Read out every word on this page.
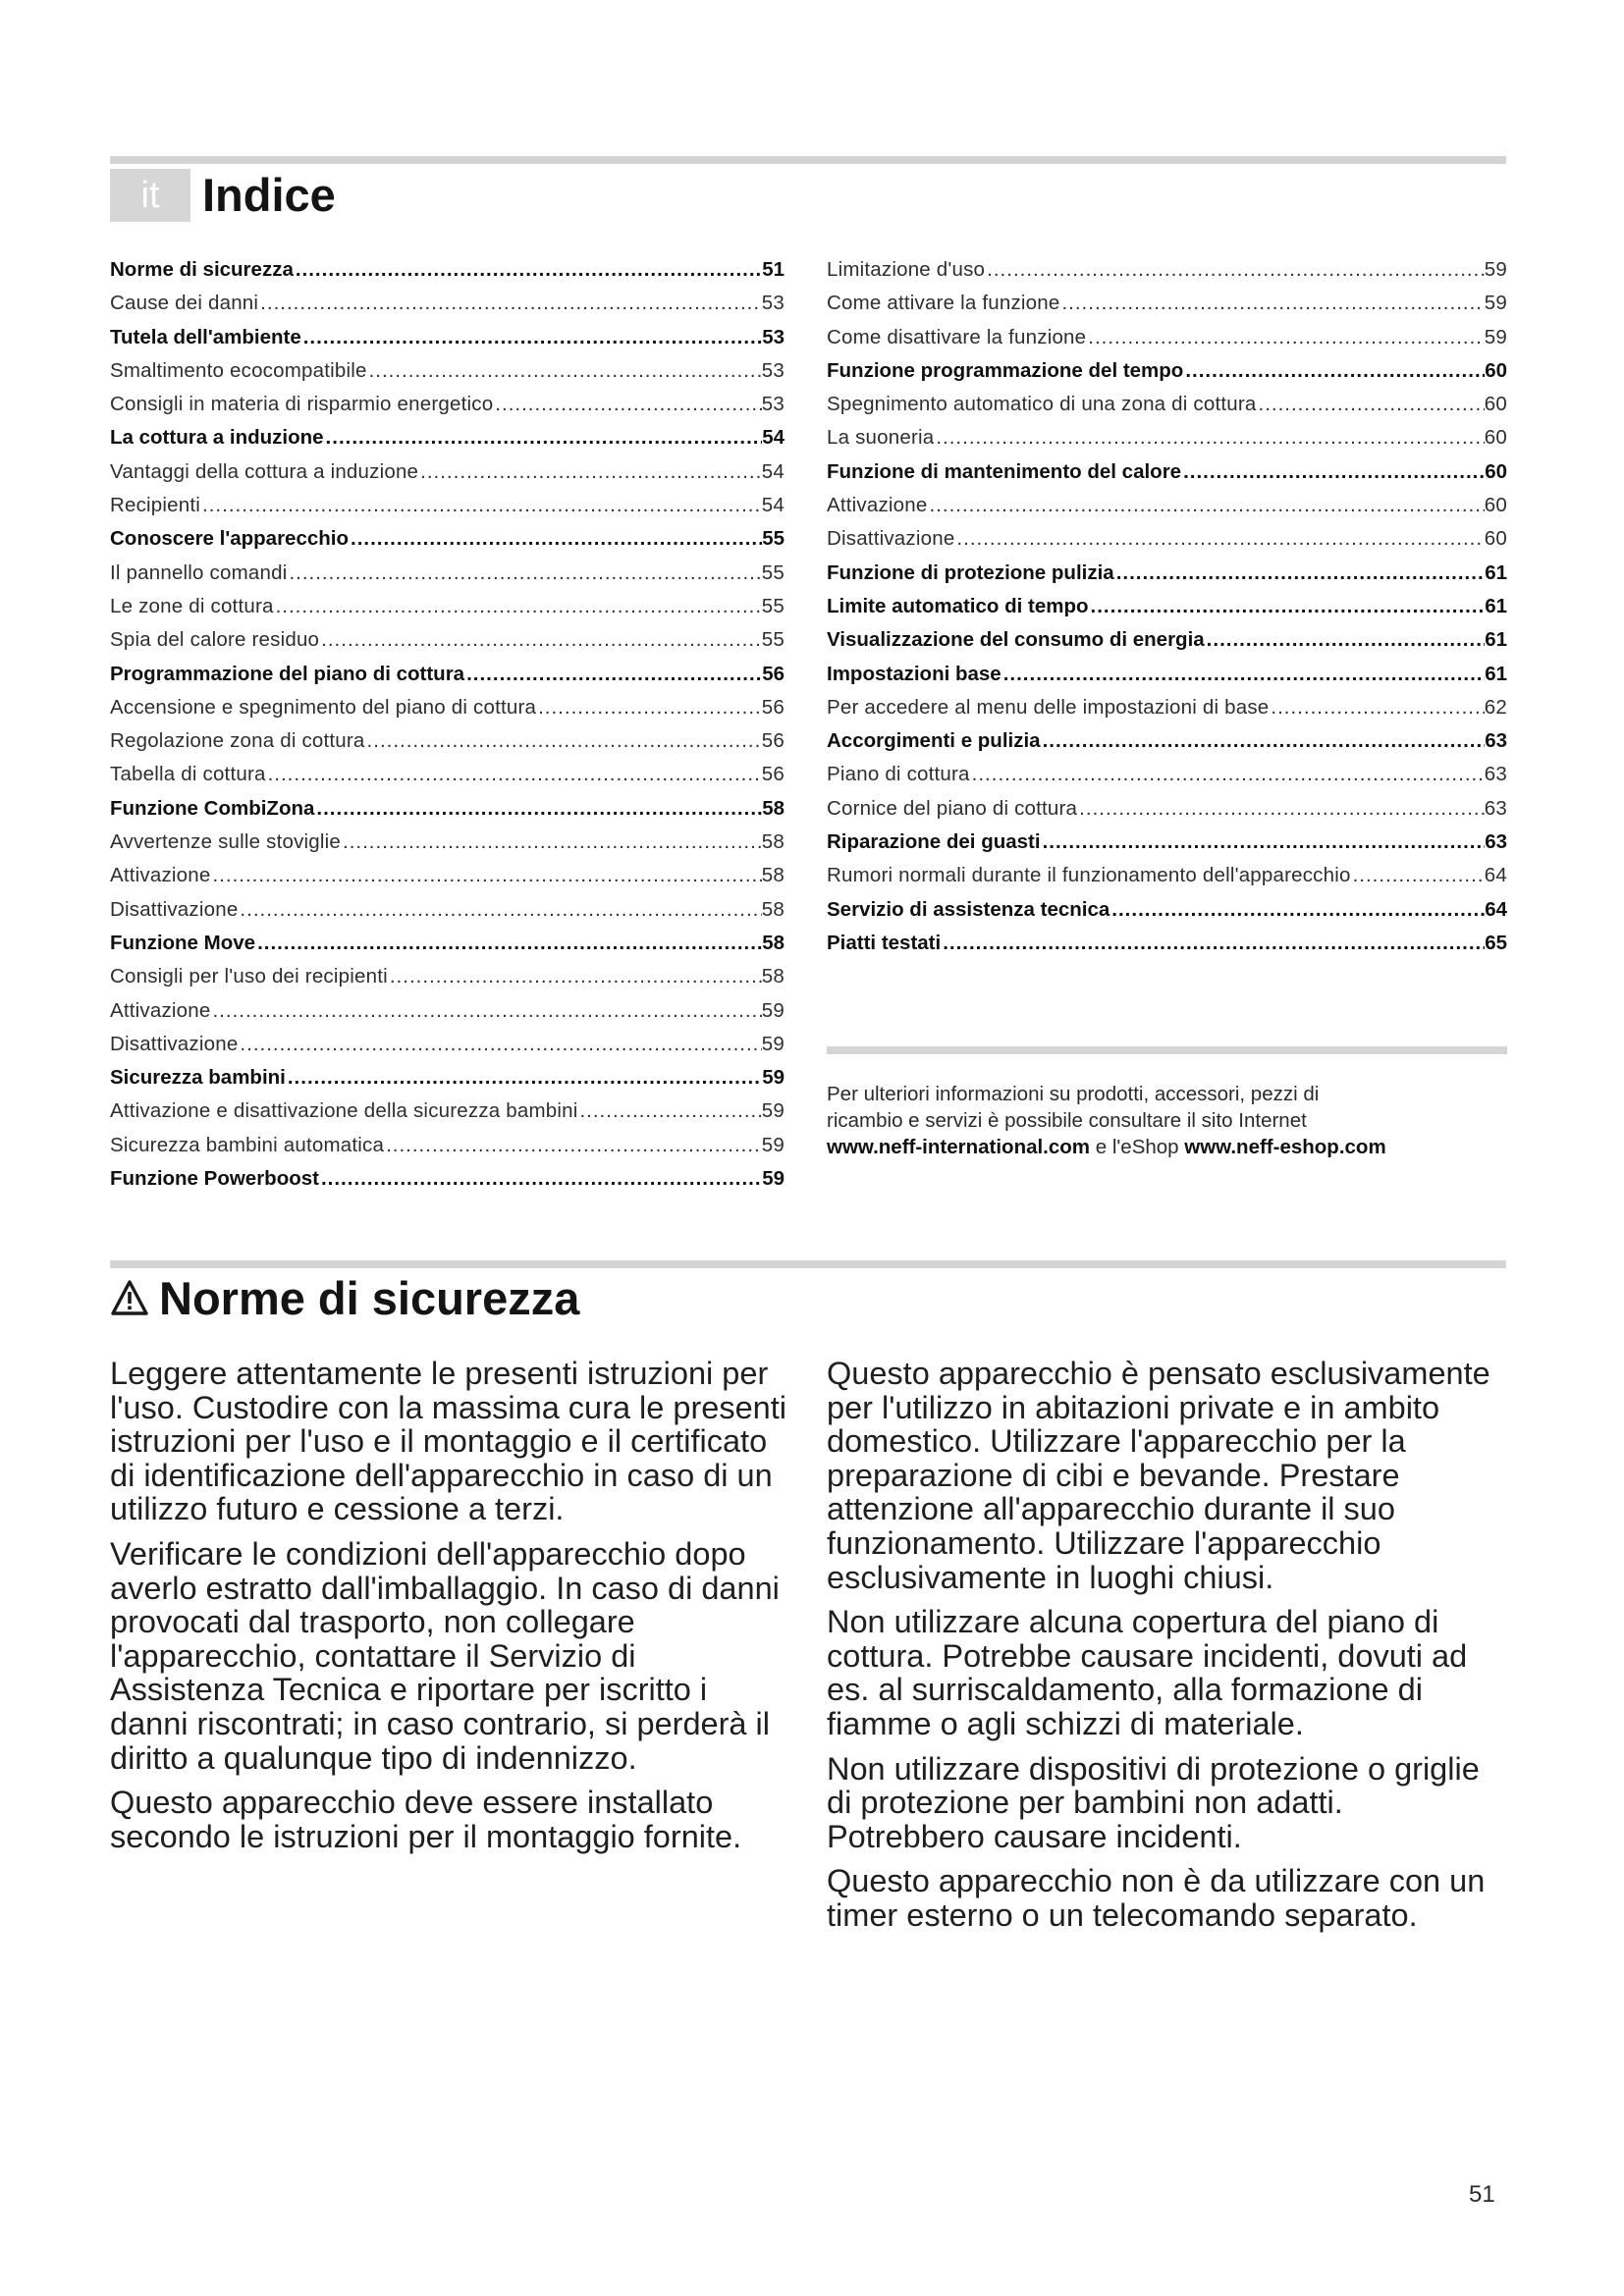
it Indice
Norme di sicurezza .....	51
Cause dei danni .....	53
Tutela dell'ambiente .....	53
Smaltimento ecocompatibile .....	53
Consigli in materia di risparmio energetico .....	53
La cottura a induzione .....	54
Vantaggi della cottura a induzione .....	54
Recipienti .....	54
Conoscere l'apparecchio .....	55
Il pannello comandi .....	55
Le zone di cottura .....	55
Spia del calore residuo .....	55
Programmazione del piano di cottura .....	56
Accensione e spegnimento del piano di cottura .....	56
Regolazione zona di cottura .....	56
Tabella di cottura .....	56
Funzione CombiZona .....	58
Avvertenze sulle stoviglie .....	58
Attivazione .....	58
Disattivazione .....	58
Funzione Move .....	58
Consigli per l'uso dei recipienti .....	58
Attivazione .....	59
Disattivazione .....	59
Sicurezza bambini .....	59
Attivazione e disattivazione della sicurezza bambini .....	59
Sicurezza bambini automatica .....	59
Funzione Powerboost .....	59
Limitazione d'uso .....	59
Come attivare la funzione .....	59
Come disattivare la funzione .....	59
Funzione programmazione del tempo .....	60
Spegnimento automatico di una zona di cottura .....	60
La suoneria .....	60
Funzione di mantenimento del calore .....	60
Attivazione .....	60
Disattivazione .....	60
Funzione di protezione pulizia .....	61
Limite automatico di tempo .....	61
Visualizzazione del consumo di energia .....	61
Impostazioni base .....	61
Per accedere al menu delle impostazioni di base .....	62
Accorgimenti e pulizia .....	63
Piano di cottura .....	63
Cornice del piano di cottura .....	63
Riparazione dei guasti .....	63
Rumori normali durante il funzionamento dell'apparecchio .....	64
Servizio di assistenza tecnica .....	64
Piatti testati .....	65
Per ulteriori informazioni su prodotti, accessori, pezzi di
ricambio e servizi è possibile consultare il sito Internet
www.neff-international.com e l'eShop www.neff-eshop.com
Norme di sicurezza

Leggere attentamente le presenti istruzioni per l'uso. Custodire con la massima cura le presenti istruzioni per l'uso e il montaggio e il certificato di identificazione dell'apparecchio in caso di un utilizzo futuro e cessione a terzi.

Verificare le condizioni dell'apparecchio dopo averlo estratto dall'imballaggio. In caso di danni provocati dal trasporto, non collegare l'apparecchio, contattare il Servizio di Assistenza Tecnica e riportare per iscritto i danni riscontrati; in caso contrario, si perderà il diritto a qualunque tipo di indennizzo.

Questo apparecchio deve essere installato secondo le istruzioni per il montaggio fornite.

Questo apparecchio è pensato esclusivamente per l'utilizzo in abitazioni private e in ambito domestico. Utilizzare l'apparecchio per la preparazione di cibi e bevande. Prestare attenzione all'apparecchio durante il suo funzionamento. Utilizzare l'apparecchio esclusivamente in luoghi chiusi.

Non utilizzare alcuna copertura del piano di cottura. Potrebbe causare incidenti, dovuti ad es. al surriscaldamento, alla formazione di fiamme o agli schizzi di materiale.

Non utilizzare dispositivi di protezione o griglie di protezione per bambini non adatti. Potrebbero causare incidenti.

Questo apparecchio non è da utilizzare con un timer esterno o un telecomando separato.

51
